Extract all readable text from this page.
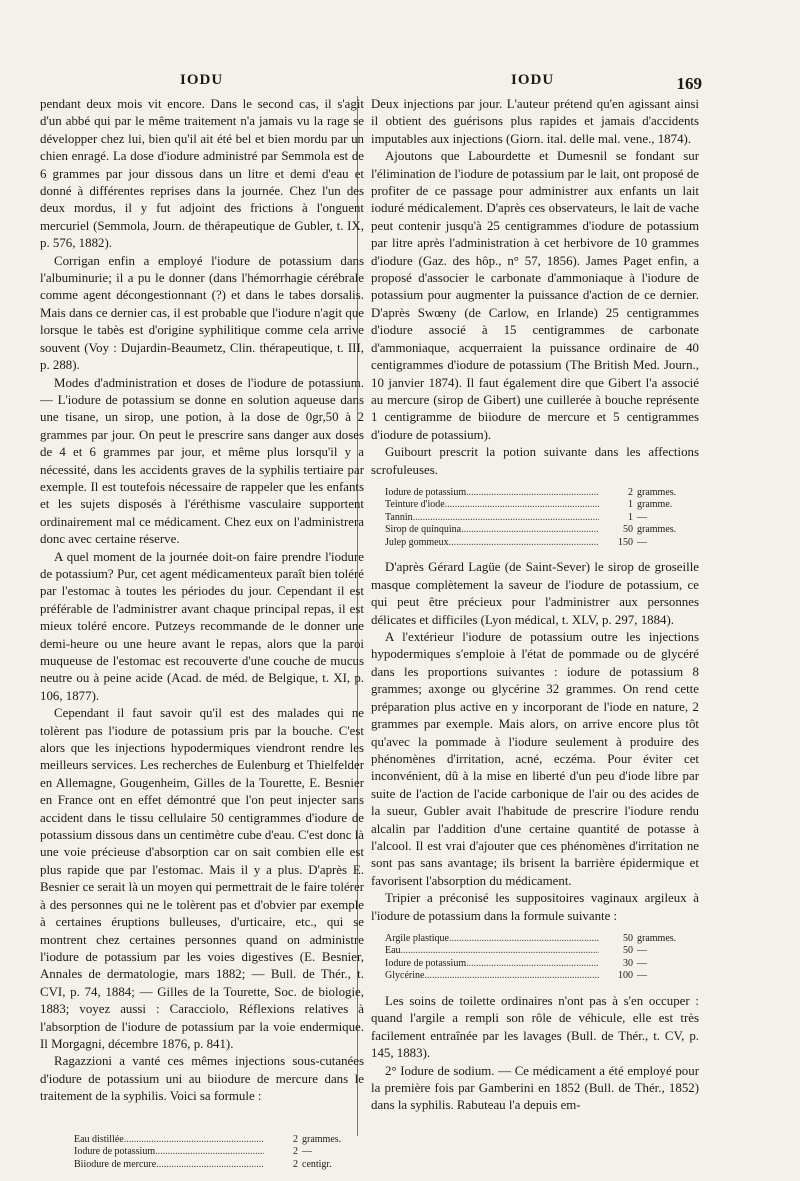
IODU	IODU	169

pendant deux mois vit encore. Dans le second cas, il s'agit d'un abbé qui par le même traitement n'a jamais vu la rage se développer chez lui, bien qu'il ait été bel et bien mordu par un chien enragé. La dose d'iodure administré par Semmola est de 6 grammes par jour dissous dans un litre et demi d'eau et donné à différentes reprises dans la journée. Chez l'un des deux mordus, il y fut adjoint des frictions à l'onguent mercuriel (Semmola, Journ. de thérapeutique de Gubler, t. IX, p. 576, 1882).

Corrigan enfin a employé l'iodure de potassium dans l'albuminurie; il a pu le donner (dans l'hémorrhagie cérébrale comme agent décongestionnant (?) et dans le tabes dorsalis. Mais dans ce dernier cas, il est probable que l'iodure n'agit que lorsque le tabès est d'origine syphilitique comme cela arrive souvent (Voy : Dujardin-Beaumetz, Clin. thérapeutique, t. III, p. 288).

Modes d'administration et doses de l'iodure de potassium. — L'iodure de potassium se donne en solution aqueuse dans une tisane, un sirop, une potion, à la dose de 0gr,50 à 2 grammes par jour. On peut le prescrire sans danger aux doses de 4 et 6 grammes par jour, et même plus lorsqu'il y a nécessité, dans les accidents graves de la syphilis tertiaire par exemple. Il est toutefois nécessaire de rappeler que les enfants et les sujets disposés à l'éréthisme vasculaire supportent ordinairement mal ce médicament. Chez eux on l'administrera donc avec certaine réserve.

A quel moment de la journée doit-on faire prendre l'iodure de potassium? Pur, cet agent médicamenteux paraît bien toléré par l'estomac à toutes les périodes du jour. Cependant il est préférable de l'administrer avant chaque principal repas, il est mieux toléré encore. Putzeys recommande de le donner une demi-heure ou une heure avant le repas, alors que la paroi muqueuse de l'estomac est recouverte d'une couche de mucus neutre ou à peine acide (Acad. de méd. de Belgique, t. XI, p. 106, 1877).

Cependant il faut savoir qu'il est des malades qui ne tolèrent pas l'iodure de potassium pris par la bouche. C'est alors que les injections hypodermiques viendront rendre les meilleurs services. Les recherches de Eulenburg et Thielfelder en Allemagne, Gougenheim, Gilles de la Tourette, E. Besnier en France ont en effet démontré que l'on peut injecter sans accident dans le tissu cellulaire 50 centigrammes d'iodure de potassium dissous dans un centimètre cube d'eau. C'est donc là une voie précieuse d'absorption car on sait combien elle est plus rapide que par l'estomac. Mais il y a plus. D'après E. Besnier ce serait là un moyen qui permettrait de le faire tolérer à des personnes qui ne le tolèrent pas et d'obvier par exemple à certaines éruptions bulleuses, d'urticaire, etc., qui se montrent chez certaines personnes quand on administre l'iodure de potassium par les voies digestives (E. Besnier, Annales de dermatologie, mars 1882; — Bull. de Thér., t. CVI, p. 74, 1884; — Gilles de la Tourette, Soc. de biologie, 1883; voyez aussi : Caracciolo, Réflexions relatives à l'absorption de l'iodure de potassium par la voie endermique. Il Morgagni, décembre 1876, p. 841).

Ragazzioni a vanté ces mêmes injections sous-cutanées d'iodure de potassium uni au biiodure de mercure dans le traitement de la syphilis. Voici sa formule :

Eau distillée .....	2 grammes.
Iodure de potassium .....	2 —
Biiodure de mercure .....	2 centigr.

Deux injections par jour. L'auteur prétend qu'en agissant ainsi il obtient des guérisons plus rapides et jamais d'accidents imputables aux injections (Giorn. ital. delle mal. vene., 1874).

Ajoutons que Labourdette et Dumesnil se fondant sur l'élimination de l'iodure de potassium par le lait, ont proposé de profiter de ce passage pour administrer aux enfants un lait ioduré médicalement. D'après ces observateurs, le lait de vache peut contenir jusqu'à 25 centigrammes d'iodure de potassium par litre après l'administration à cet herbivore de 10 grammes d'iodure (Gaz. des hôp., n° 57, 1856). James Paget enfin, a proposé d'associer le carbonate d'ammoniaque à l'iodure de potassium pour augmenter la puissance d'action de ce dernier. D'après Swœny (de Carlow, en Irlande) 25 centigrammes d'iodure associé à 15 centigrammes de carbonate d'ammoniaque, acquerraient la puissance ordinaire de 40 centigrammes d'iodure de potassium (The British Med. Journ., 10 janvier 1874). Il faut également dire que Gibert l'a associé au mercure (sirop de Gibert) une cuillerée à bouche représente 1 centigramme de biiodure de mercure et 5 centigrammes d'iodure de potassium).

Guibourt prescrit la potion suivante dans les affections scrofuleuses.

Iodure de potassium .....	2 grammes.
Teinture d'iode .....	1 gramme.
Tannin .....	1 —
Sirop de quinquina .....	50 grammes.
Julep gommeux .....	150 —

D'après Gérard Lagüe (de Saint-Sever) le sirop de groseille masque complètement la saveur de l'iodure de potassium, ce qui peut être précieux pour l'administrer aux personnes délicates et difficiles (Lyon médical, t. XLV, p. 297, 1884).

A l'extérieur l'iodure de potassium outre les injections hypodermiques s'emploie à l'état de pommade ou de glycéré dans les proportions suivantes : iodure de potassium 8 grammes; axonge ou glycérine 32 grammes. On rend cette préparation plus active en y incorporant de l'iode en nature, 2 grammes par exemple. Mais alors, on arrive encore plus tôt qu'avec la pommade à l'iodure seulement à produire des phénomènes d'irritation, acné, eczéma. Pour éviter cet inconvénient, dû à la mise en liberté d'un peu d'iode libre par suite de l'action de l'acide carbonique de l'air ou des acides de la sueur, Gubler avait l'habitude de prescrire l'iodure rendu alcalin par l'addition d'une certaine quantité de potasse à l'alcool. Il est vrai d'ajouter que ces phénomènes d'irritation ne sont pas sans avantage; ils brisent la barrière épidermique et favorisent l'absorption du médicament.

Tripier a préconisé les suppositoires vaginaux argileux à l'iodure de potassium dans la formule suivante :

Argile plastique .....	50 grammes.
Eau .....	50 —
Iodure de potassium .....	30 —
Glycérine .....	100 —

Les soins de toilette ordinaires n'ont pas à s'en occuper : quand l'argile a rempli son rôle de véhicule, elle est très facilement entraînée par les lavages (Bull. de Thér., t. CV, p. 145, 1883).

2° Iodure de sodium. — Ce médicament a été employé pour la première fois par Gamberini en 1852 (Bull. de Thér., 1852) dans la syphilis. Rabuteau l'a depuis em-
